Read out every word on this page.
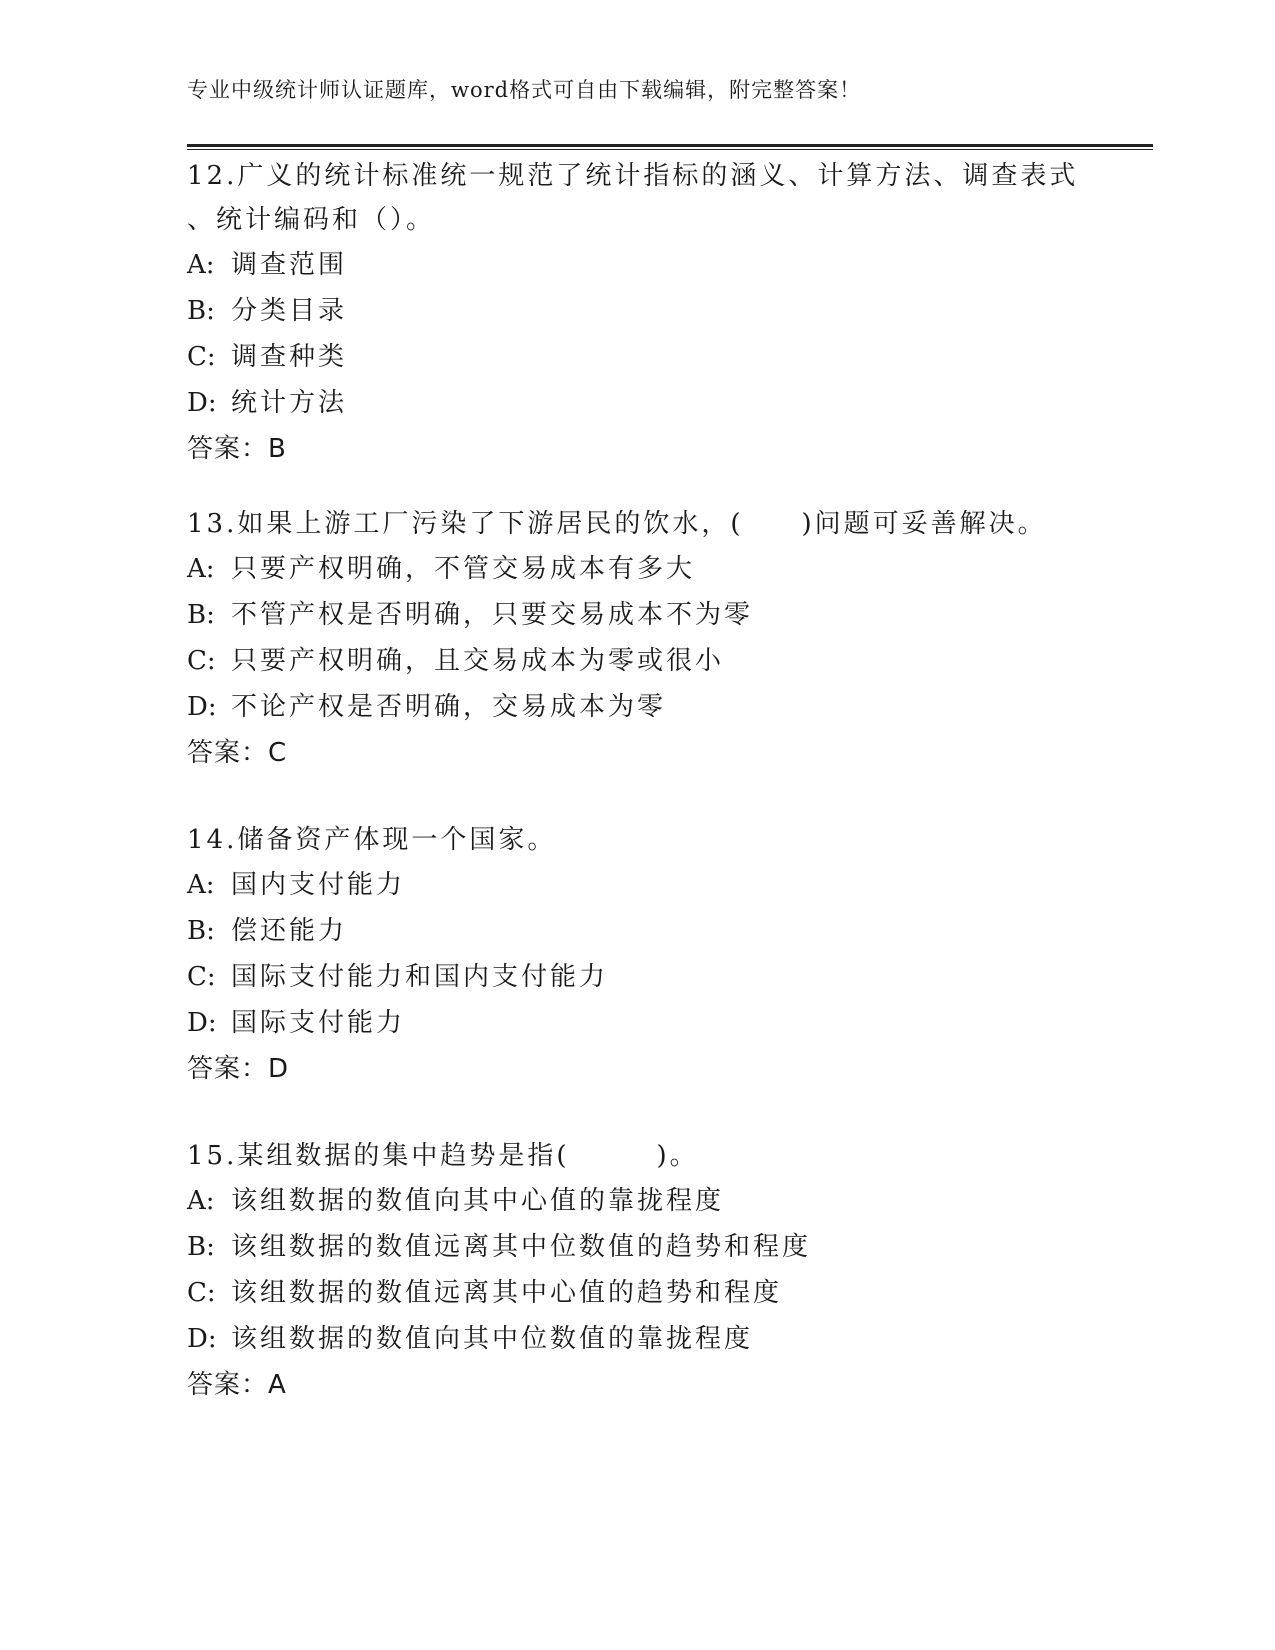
专业中级统计师认证题库，word格式可自由下载编辑，附完整答案！

12.广义的统计标准统一规范了统计指标的涵义、计算方法、调查表式

、统计编码和（）。

A: 调查范围

B: 分类目录

C: 调查种类

D: 统计方法

答案：B

13.如果上游工厂污染了下游居民的饮水，(　　)问题可妥善解决。

A: 只要产权明确，不管交易成本有多大

B: 不管产权是否明确，只要交易成本不为零

C: 只要产权明确，且交易成本为零或很小

D: 不论产权是否明确，交易成本为零

答案：C

14.储备资产体现一个国家。

A: 国内支付能力

B: 偿还能力

C: 国际支付能力和国内支付能力

D: 国际支付能力

答案：D

15.某组数据的集中趋势是指(　　　)。

A: 该组数据的数值向其中心值的靠拢程度

B: 该组数据的数值远离其中位数值的趋势和程度

C: 该组数据的数值远离其中心值的趋势和程度

D: 该组数据的数值向其中位数值的靠拢程度

答案：A
